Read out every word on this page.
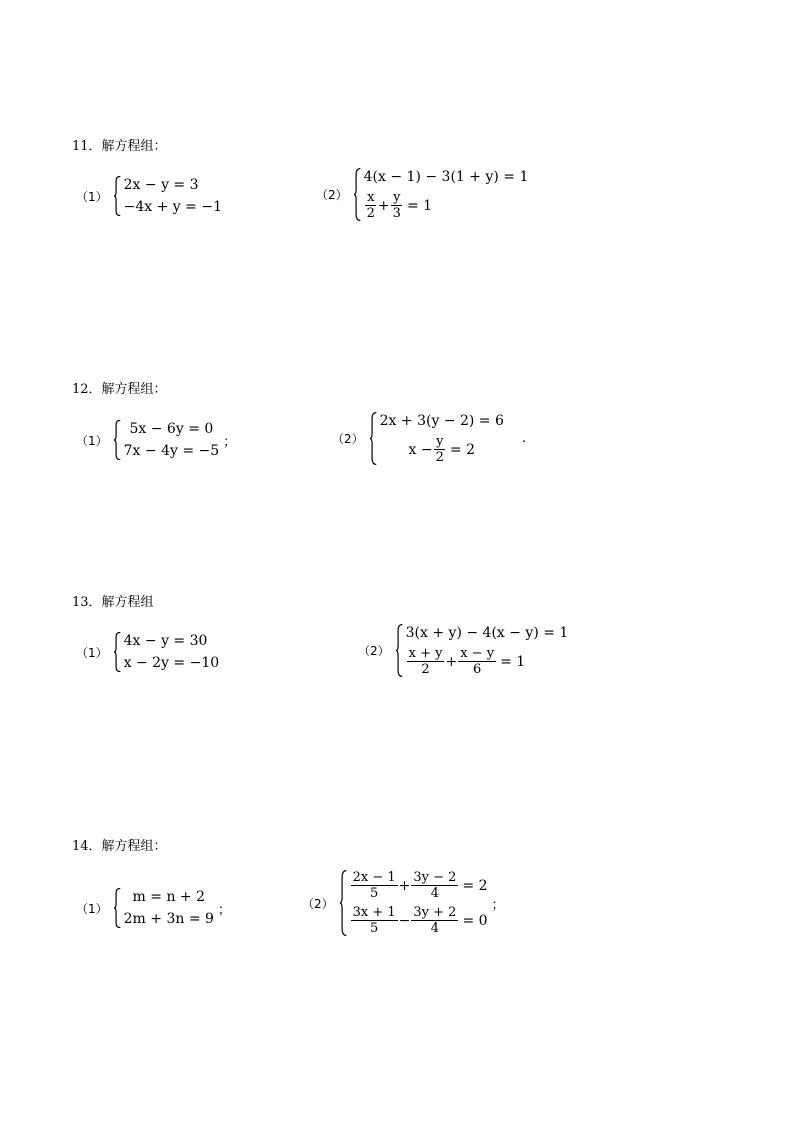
11．解方程组：
（1）
2x − y = 3
−4x + y = −1
（2）
4(x − 1) − 3(1 + y) = 1
$\frac{x}{2} + \frac{y}{3} = 1$
12．解方程组：
（1）
5x − 6y = 0
7x − 4y = −5
；	（2）
2x + 3(y − 2) = 6
$x - \frac{y}{2} = 2$
.
13．解方程组
（1）
4x − y = 30
x − 2y = −10
（2）
3(x + y) − 4(x − y) = 1
$\frac{x + y}{2} + \frac{x - y}{6} = 1$
14．解方程组：
（1）
m = n + 2
2m + 3n = 9
；	（2）
$\frac{2x - 1}{5} + \frac{3y - 2}{4} = 2$
$\frac{3x + 1}{5} - \frac{3y + 2}{4} = 0$
；
